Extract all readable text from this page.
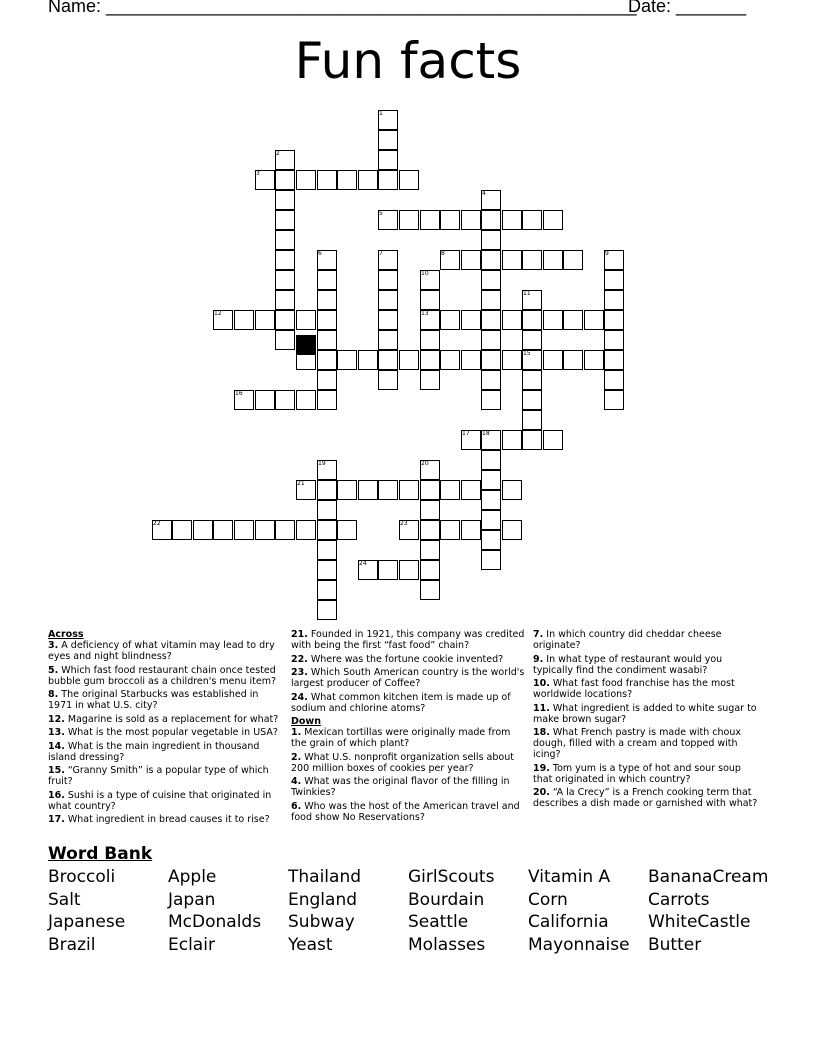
Name: _____________________________________________________
Date: _______
Fun facts
1
2
3
4
5
6	7	8	9
10
11
12	13
14	15
16
17 18
19	20
21
22	23
24

Across

3. A deficiency of what vitamin may lead to dry eyes and night blindness?

5. Which fast food restaurant chain once tested bubble gum broccoli as a children's menu item?

8. The original Starbucks was established in 1971 in what U.S. city?

12. Magarine is sold as a replacement for what?

13. What is the most popular vegetable in USA?

14. What is the main ingredient in thousand island dressing?

15. “Granny Smith” is a popular type of which fruit?

16. Sushi is a type of cuisine that originated in what country?

17. What ingredient in bread causes it to rise?

21. Founded in 1921, this company was credited with being the first “fast food” chain?

22. Where was the fortune cookie invented?

23. Which South American country is the world's largest producer of Coffee?

24. What common kitchen item is made up of sodium and chlorine atoms?

Down

1. Mexican tortillas were originally made from the grain of which plant?

2. What U.S. nonprofit organization sells about 200 million boxes of cookies per year?

4. What was the original flavor of the filling in Twinkies?

6. Who was the host of the American travel and food show No Reservations?

7. In which country did cheddar cheese originate?

9. In what type of restaurant would you typically find the condiment wasabi?

10. What fast food franchise has the most worldwide locations?

11. What ingredient is added to white sugar to make brown sugar?

18. What French pastry is made with choux dough, filled with a cream and topped with icing?

19. Tom yum is a type of hot and sour soup that originated in which country?

20. “A la Crecy” is a French cooking term that describes a dish made or garnished with what?

Word Bank
Broccoli	Apple	Thailand	GirlScouts	Vitamin A	BananaCream
Salt	Japan	England	Bourdain	Corn	Carrots
Japanese	McDonalds	Subway	Seattle	California	WhiteCastle
Brazil	Eclair	Yeast	Molasses	Mayonnaise	Butter
